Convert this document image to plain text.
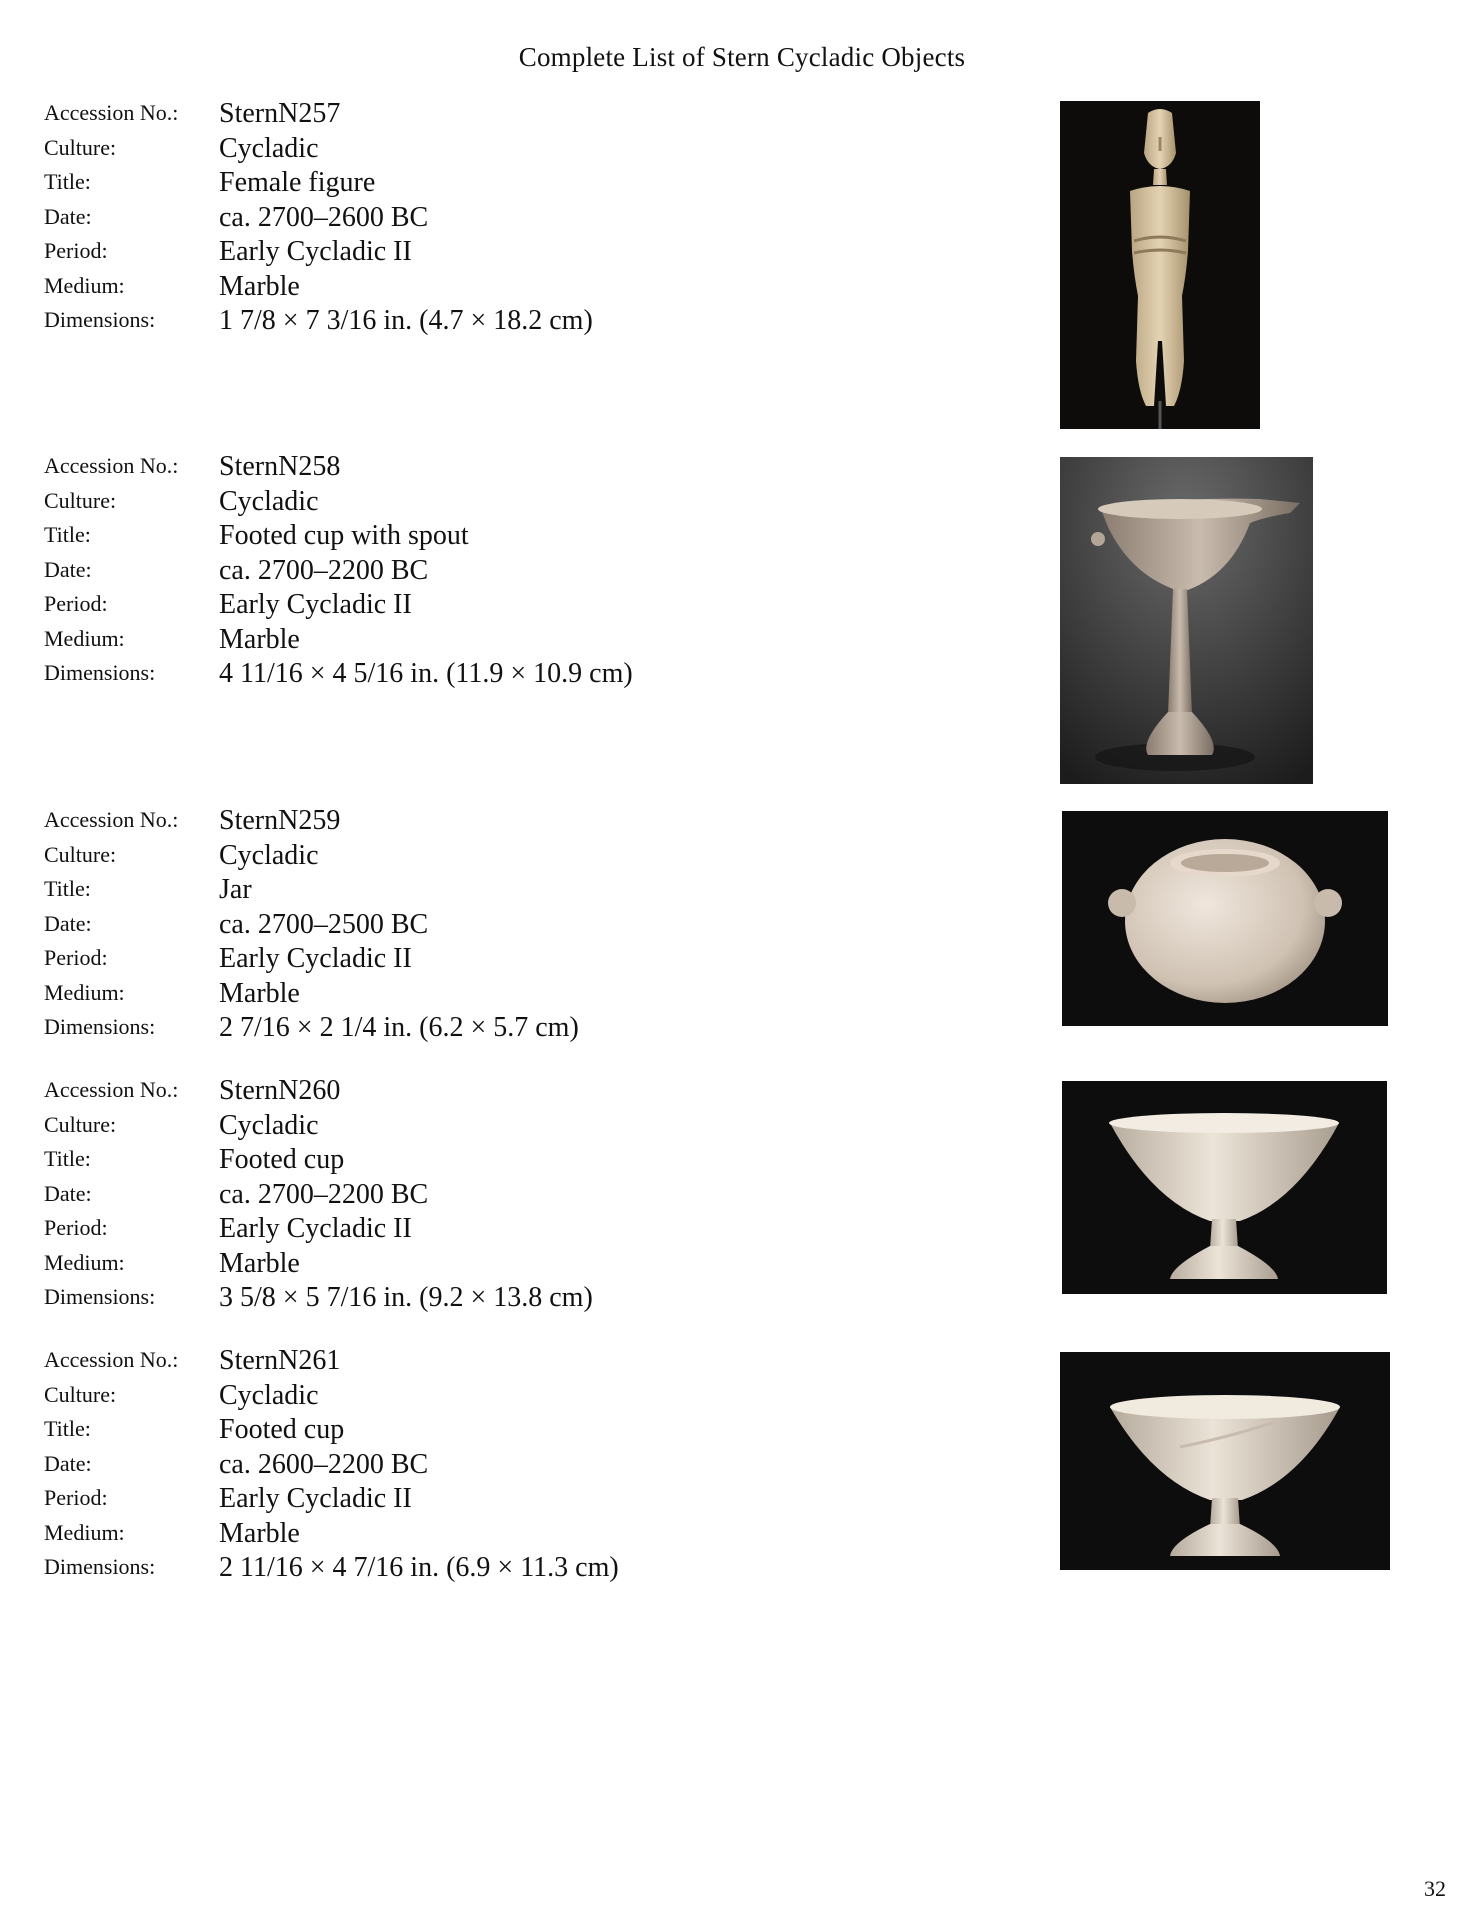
Complete List of Stern Cycladic Objects
Accession No.: SternN257
Culture:	Cycladic
Title:	Female figure
Date:	ca. 2700–2600 BC
Period:	Early Cycladic II
Medium:	Marble
Dimensions: 1 7/8 × 7 3/16 in. (4.7 × 18.2 cm)
Accession No.: SternN258
Culture:	Cycladic
Title:	Footed cup with spout
Date:	ca. 2700–2200 BC
Period:	Early Cycladic II
Medium:	Marble
Dimensions: 4 11/16 × 4 5/16 in. (11.9 × 10.9 cm)
Accession No.: SternN259
Culture:	Cycladic
Title:	Jar
Date:	ca. 2700–2500 BC
Period:	Early Cycladic II
Medium:	Marble
Dimensions: 2 7/16 × 2 1/4 in. (6.2 × 5.7 cm)
Accession No.: SternN260
Culture:	Cycladic
Title:	Footed cup
Date:	ca. 2700–2200 BC
Period:	Early Cycladic II
Medium:	Marble
Dimensions: 3 5/8 × 5 7/16 in. (9.2 × 13.8 cm)
Accession No.: SternN261
Culture:	Cycladic
Title:	Footed cup
Date:	ca. 2600–2200 BC
Period:	Early Cycladic II
Medium:	Marble
Dimensions: 2 11/16 × 4 7/16 in. (6.9 × 11.3 cm)
32
